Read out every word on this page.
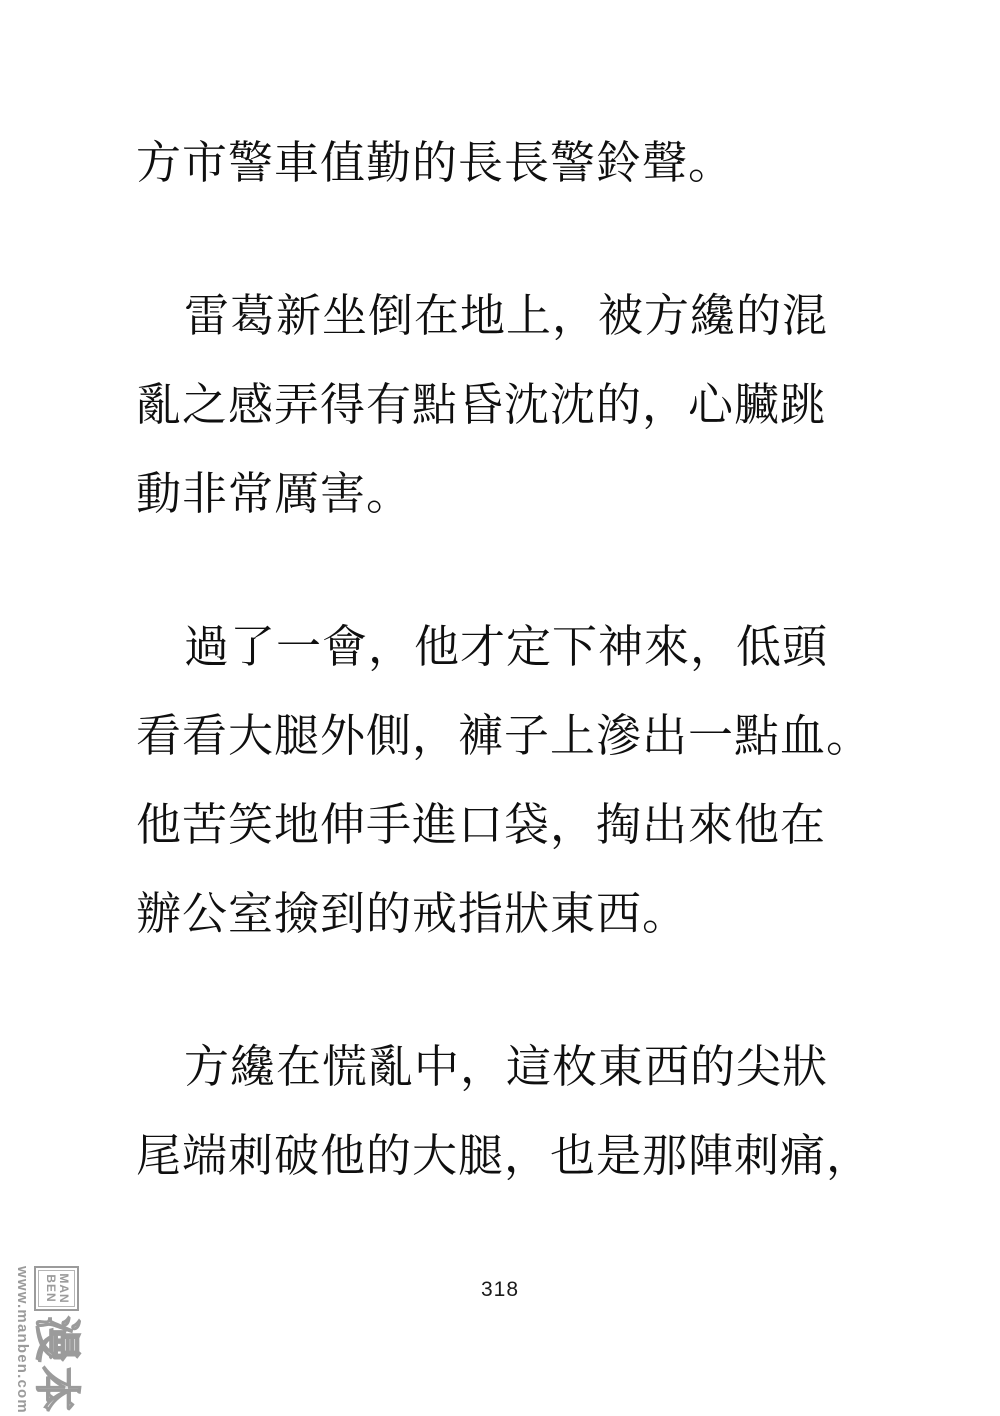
方市警車值勤的長長警鈴聲。
雷葛新坐倒在地上，被方纔的混
亂之感弄得有點昏沈沈的，心臟跳
動非常厲害。
過了一會，他才定下神來，低頭
看看大腿外側，褲子上滲出一點血。
他苦笑地伸手進口袋，掏出來他在
辦公室撿到的戒指狀東西。
方纔在慌亂中，這枚東西的尖狀
尾端刺破他的大腿，也是那陣刺痛，
318
MAN
BEN
漫本
www.manben.com
